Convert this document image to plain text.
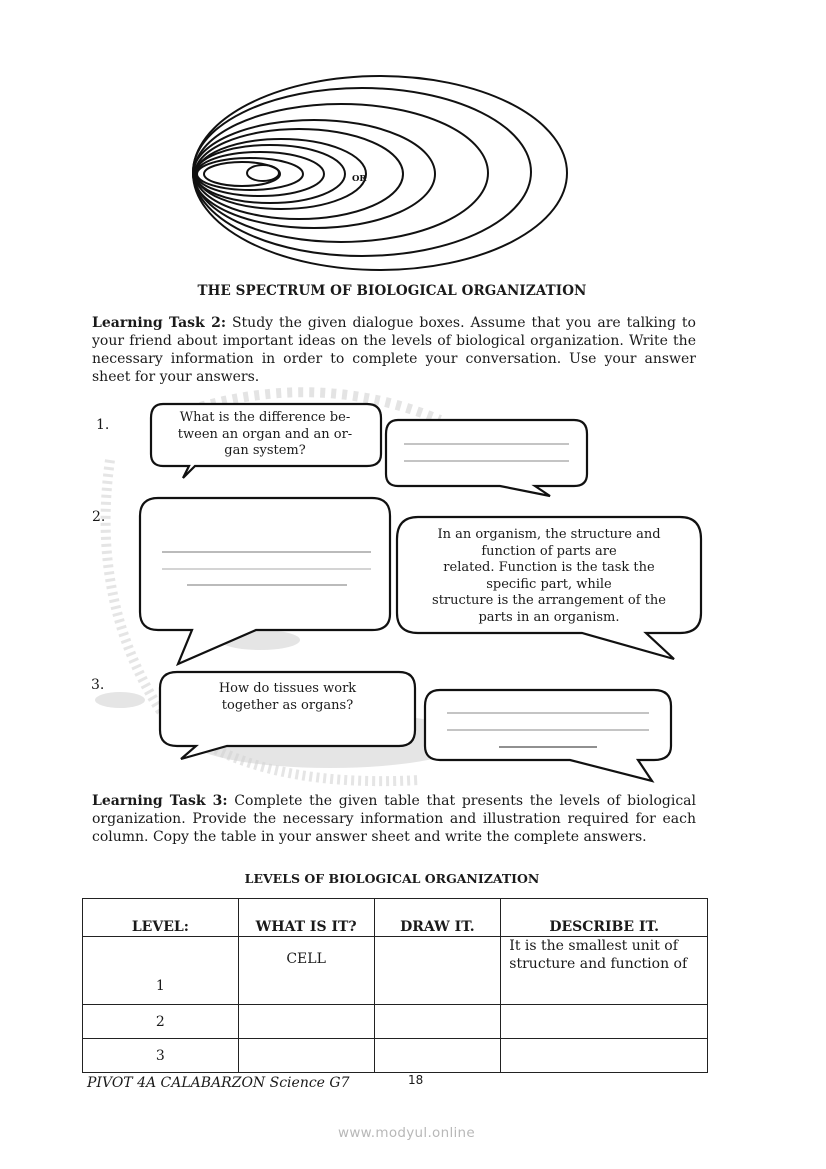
OR
THE SPECTRUM OF BIOLOGICAL ORGANIZATION
Learning Task 2: Study the given dialogue boxes. Assume that you are talking to your friend about important ideas on the levels of biological organization. Write the necessary information in order to complete your conversation. Use your answer sheet for your answers.
1.	What is the difference be-
tween an organ and an or-
gan system?
2.
In an organism, the structure and
function of parts are
related. Function is the task the
specific part, while
structure is the arrangement of the
parts in an organism.
3.	How do tissues work
together as organs?
Learning Task 3: Complete the given table that presents the levels of biological organization. Provide the necessary information and illustration required for each column. Copy the table in your answer sheet and write the complete answers.
LEVELS OF BIOLOGICAL ORGANIZATION
LEVEL:	WHAT IS IT?	DRAW IT.	DESCRIBE IT.
1	CELL		It is the smallest unit of structure and function of
2			
3			
PIVOT 4A CALABARZON Science G7	18
www.modyul.online
